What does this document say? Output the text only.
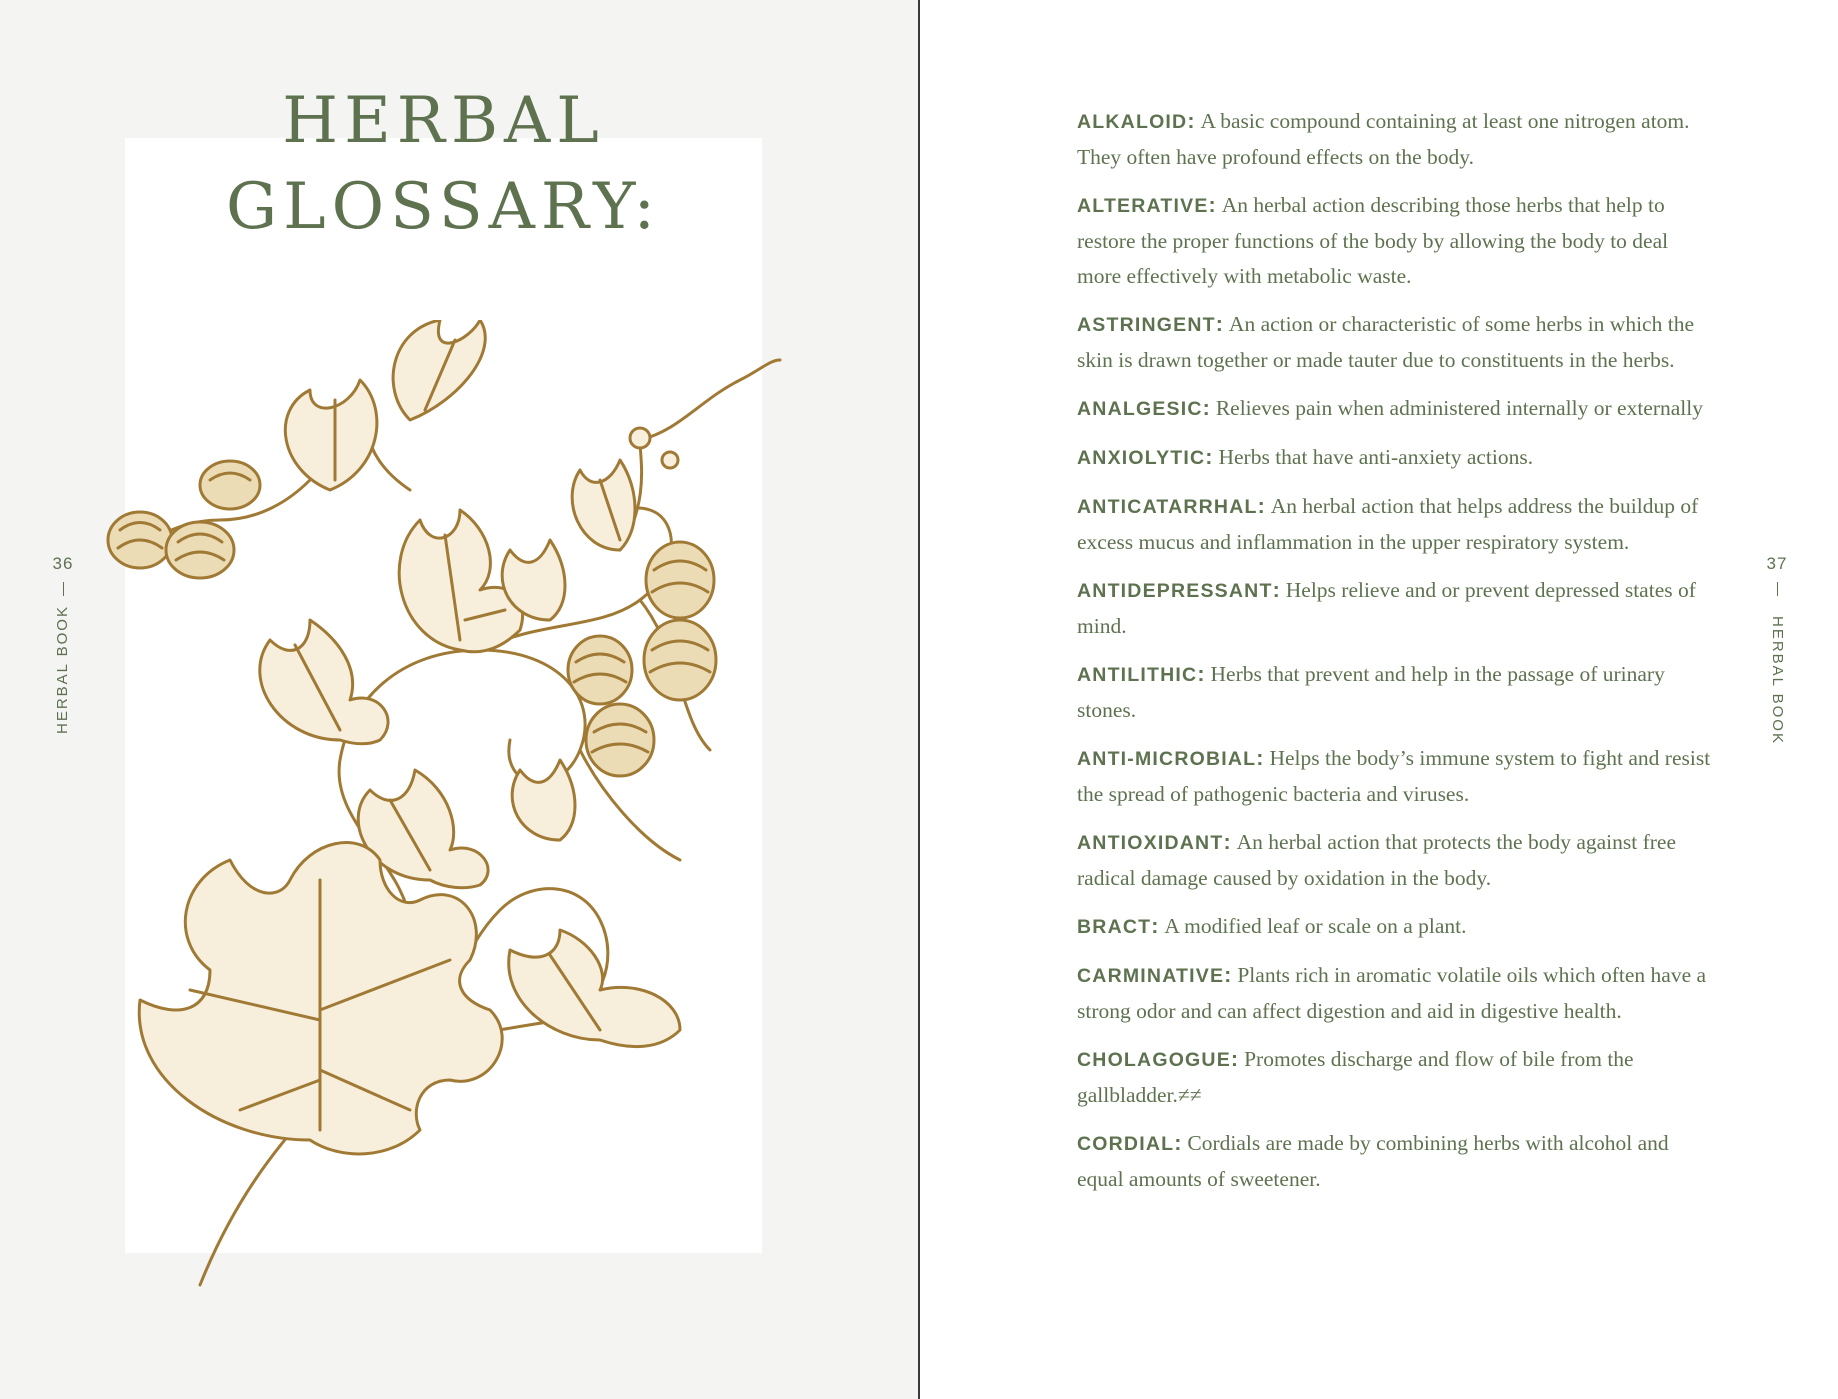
HERBAL
GLOSSARY:
36
HERBAL BOOK

ALKALOID: A basic compound containing at least one nitrogen atom. They often have profound effects on the body.

ALTERATIVE: An herbal action describing those herbs that help to restore the proper functions of the body by allowing the body to deal more effectively with metabolic waste.

ASTRINGENT: An action or characteristic of some herbs in which the skin is drawn together or made tauter due to constituents in the herbs.

ANALGESIC: Relieves pain when administered internally or externally

ANXIOLYTIC: Herbs that have anti-anxiety actions.

ANTICATARRHAL: An herbal action that helps address the buildup of excess mucus and inflammation in the upper respiratory system.

ANTIDEPRESSANT: Helps relieve and or prevent depressed states of mind.

ANTILITHIC: Herbs that prevent and help in the passage of urinary stones.

ANTI-MICROBIAL: Helps the body’s immune system to fight and resist the spread of pathogenic bacteria and viruses.

ANTIOXIDANT: An herbal action that protects the body against free radical damage caused by oxidation in the body.

BRACT: A modified leaf or scale on a plant.

CARMINATIVE: Plants rich in aromatic volatile oils which often have a strong odor and can affect digestion and aid in digestive health.

CHOLAGOGUE: Promotes discharge and flow of bile from the gallbladder.≠≠

CORDIAL: Cordials are made by combining herbs with alcohol and equal amounts of sweetener.

37
HERBAL BOOK
